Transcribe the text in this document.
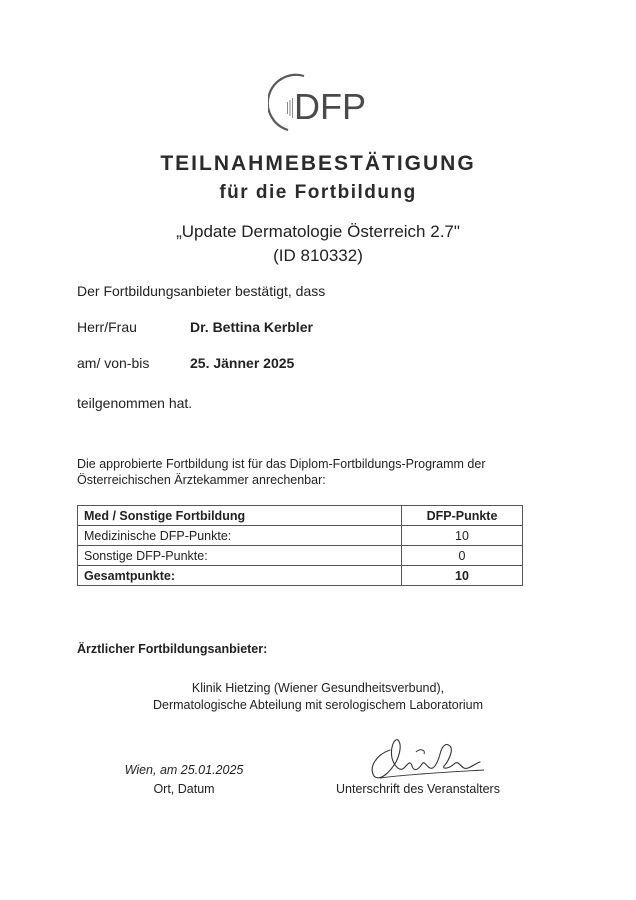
DFP
TEILNAHMEBESTÄTIGUNG
für die Fortbildung
„Update Dermatologie Österreich 2.7"
(ID 810332)
Der Fortbildungsanbieter bestätigt, dass
Herr/Frau	Dr. Bettina Kerbler
am/ von-bis	25. Jänner 2025
teilgenommen hat.
Die approbierte Fortbildung ist für das Diplom-Fortbildungs-Programm der
Österreichischen Ärztekammer anrechenbar:
Med / Sonstige Fortbildung	DFP-Punkte
Medizinische DFP-Punkte:	10
Sonstige DFP-Punkte:	0
Gesamtpunkte:	10
Ärztlicher Fortbildungsanbieter:
Klinik Hietzing (Wiener Gesundheitsverbund),
Dermatologische Abteilung mit serologischem Laboratorium
Wien, am 25.01.2025
Ort, Datum	Unterschrift des Veranstalters
